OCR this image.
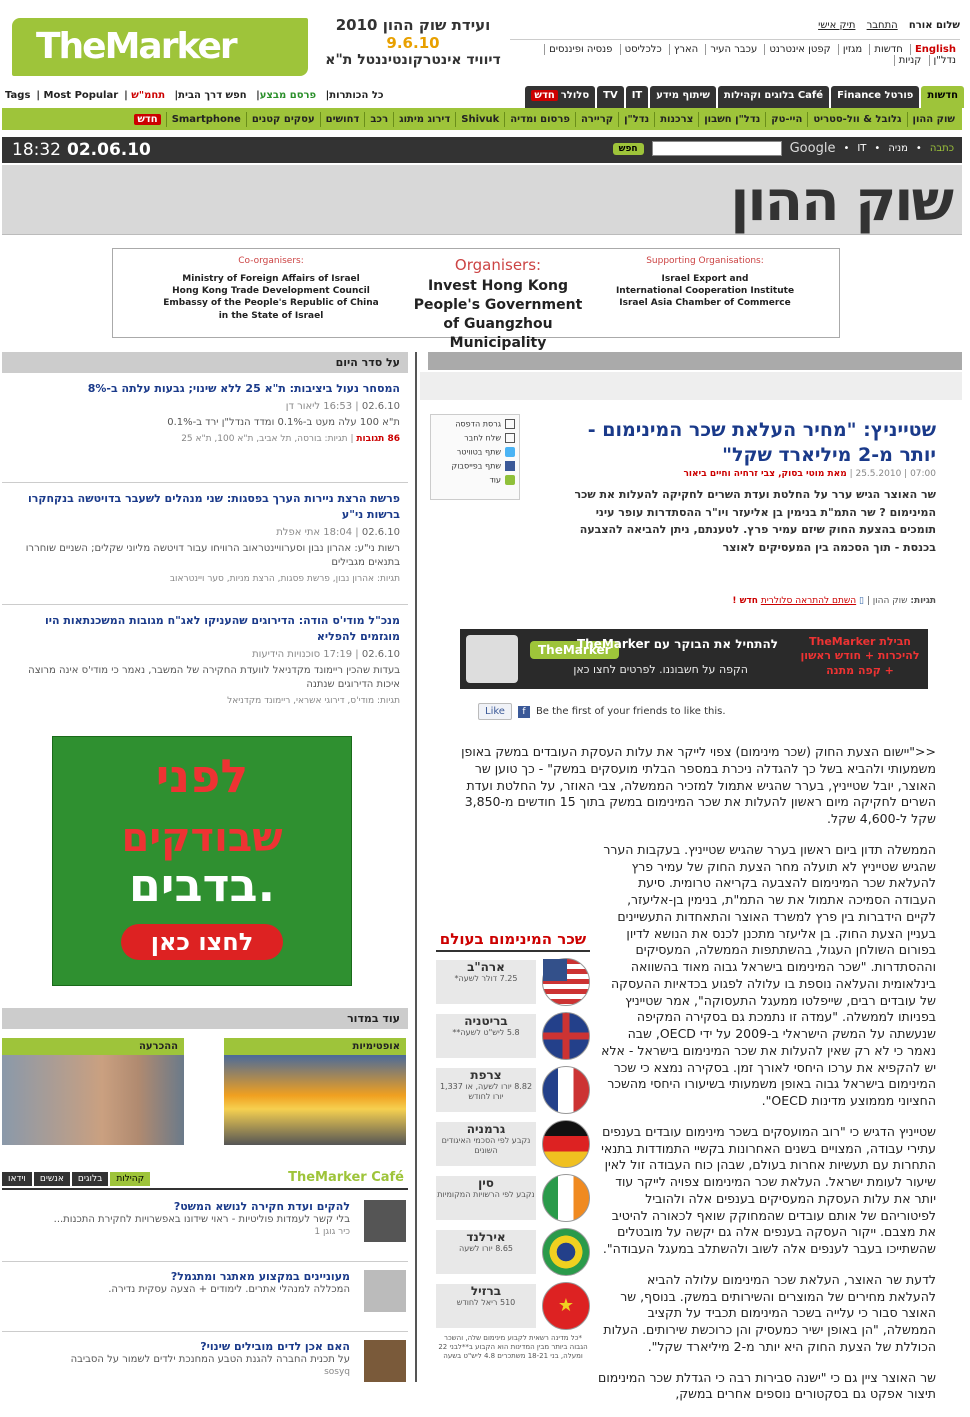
TheMarker
ועידת שוק ההון 2010
9.6.10
דיוויד אינטרקונטיננטל ת"א
שלום אורח התחבר תיק אישי
English חדשות מגזין קפטן אינטרנט עכבר העיר הארץ כלכליסט פנסיה ופיננסים נדל"ן קניות
Tags | Most Popular |	כל הכותרות| פרסם מבצע| חפש דרך הבית| תחמ"ש	חדשות
פורטל Finance
Café בלוגים וקהילות
שיתוף מידע
IT
TV
סלולרחדש
שוק ההון
גלובל & וול-סטריט
היי-טק
נדל"ן חשבון
צרכנות
נדל"ן
קריירה
פרסום ומדיה
Shivuk
דירוג מיתוג
רכב
דחושים
עסקים קטנים
Smartphone
חדש
18:32 02.06.10	כתבה
•
מניה
•
IT
•
Google
חפש
שוק ההון
Co-organisers:
Ministry of Foreign Affairs of Israel
Hong Kong Trade Development Council
Embassy of the People's Republic of China
in the State of Israel
Organisers:
Invest Hong Kong
People's Government
of Guangzhou Municipality
Supporting Organisations:
Israel Export and
International Cooperation Institute
Israel Asia Chamber of Commerce
על סדר היום
המסחר נעול ביציבות: ת"א 25 ללא שינוי; גבעות עלתה ב-8%
02.6.10 | 16:53 ליאור דן
ת"א 100 עלה מעט ב-0.1% ומדד הנדל"ן ירד ב-0.1%
86 תגובות | תגיות: בורסה, תל אביב, ת"א 100, ת"א 25
פרשת הרצת ניירות הערך בפסגות: שני מנהלים לשעבר בדויטשה בנקחקרו ברשות ני"ע
02.6.10 | 18:04 אתי אפלת
רשות ני"ע: אהרון נבון וסערוויינטראוב הרוויחו עבור דויטשה מליוני שקלים; השניים שוחררו בתנאים מגבילים
תגיות: אהרון נבון, פרשת פסגות, הרצת מניות, סער ויינטראוב
מנכ"ל מודי'ס הודה: הדירוגים שהעניקו לאג"ח מגובות המשכנתאות היו מוגזמים להפליא
02.6.10 | 17:19 סוכנויות הידיעות
בעדות שהכין ריימונד מקדניאל לוועדת החקירה של המשבר, נאמר כי מודי'ס אינה מרוצה איכות הדירוגים שנתנה
תגיות: מודי'ס, דירוגי אשראי, ריימונד מקדניאל
לפני
שבודקים
בדבים.
לחצו כאן
עוד במדור
אופטימיות
ההכרעה
TheMarker Café
וידאו	אנשים	בלוגים	קהילות
להקים ועדת חקירה לנושא המשט?
בלי קשר לעמדות פוליטיות - ראוי שידונו באפשרויות לחקירת התכנות...
כיר גוגן 1
מעוניינים במקצוע מאתגר ומתגמל?
המכללה למנהלי אתרים. לימודים + הצעה עסקית נדירה.
האם אכן לדים מובילים שינוי?
על תכנית החברה להגנת הטבע המחנכת ילדים לשמור על הסביבה
sosyq
גרסת הדפסה
שלח לחבר
שתף בטוויטר
שתף בפייסבוק
עוד
שטייניץ: "מחיר העלאת שכר המינימום - יותר מ-2 מיליארד שקל"
07:00 | 25.5.2010 | מאת מוטי בסוק, צבי זרחיה וחיים ביאור
שר האוצר הגיש ערר על החלטת ועדת השרים לחקיקה להעלות את שכר המינימום ? שר התמ"ת בנימין בן אליעזר ויו"ר ההסתדרות עופר עיני תומכים בהצעת החוק שיזם עמיר פרץ. לטענתם, ניתן להביאה להצבעה בכנסת - תוך הסכמה בין המעסיקים לאוצר
תגיות: שוק ההון | ▯ השתם להתראה סלולרית חדש !
TheMarker
להתחיל את הבוקר עם TheMarker
הקפה על חשבוננו. לפרטים לחצו כאן
חבילת TheMarker להיכרות + חודש ראשון + קפה מתנה
Like	f	Be the first of your friends to like this.

<<"יישום הצעת החוק (שכר מינימום) צפוי לייקר את עלות העסקת העובדים במשק באופן משמעותי ולהביא בשל כך להגדלה ניכרת במספר הבלתי מועסקים במשק" - כך טוען שר האוצר, יובל שטייניץ, בערר שהגיש אתמול למזכיר הממשלה, צבי האוזר, על החלטת ועדת השרים לחקיקה מיום ראשון להעלות את שכר המינימום במשק בתוך 15 חודשים מ-3,850 שקל ל-4,600 שקל.

הממשלה תדון ביום ראשון בערר שהגיש שטייניץ. בעקבות הערר שהגיש שטייניץ לא תועלה מחר הצעת החוק של עמיר פרץ להעלאת שכר המינימום להצבעה בקריאה טרומית. סיעת העבודה הסמיכה אתמול את שר התמ"ת, בנימין בן-אליעזר, לקיים הידברות בין פרץ למשרד האוצר והתאחדות התעשיינים בעניין הצעת החוק. בן אליעזר מתכנן לכנס את הנושא לדיון בפורום השולחן העגול, בהשתתפות הממשלה, המעסיקים וההסתדרות. "שכר המינימום בישראל גבוה מאוד בהשוואה בינלאומית והעלאה נוספת בו עלולה לפגוע בכדאיות ההעסקה של עובדים רבים, שייפלטו ממעגל התעסוקה", אמר שטייניץ בפניותו לממשלה. "עמדה זו נתמכת גם בסקירה המקיפה שנעשתה על המשק הישראלי ב-2009 על ידי OECD, שבה נאמר כי לא רק שאין להעלות את שכר המינימום בישראל - אלא יש להקפיא את ערכו היחסי לאורך זמן. בסקירה נמצא כי שכר המינימום בישראל גבוה באופן משמעותי בשיעורו היחסי מהשכר החציוני מממוצע מדינות OECD".

שטייניץ הדגיש כי "רוב המועסקים בשכר מינימום עובדים בענפים עתירי עבודה, המצויים בשנים האחרונות בקשיי התמודדות בתנאי התחרות עם תעשיות אחרות בעולם, שבהן כוח העבודה זול לאין שיעור לעומת ישראל. העלאת שכר המינימום צפויה לייקר עוד יותר את עלות העסקת המעסיקים בענפים אלה ולהוביל לפיטוריהם של אותם עובדים שהמחוקק שואף לכאורה להיטיב את מצבם. ייקור העסקה בענפים אלה גם יקשה על מובטלים שהשתייכו בעבר לענפים אלה לשוב ולהשתלב במעגל העבודה".

לדעת שר האוצר, העלאת שכר המינימום עלולה להביא להעלאת מחירים של המוצרים והשירותים במשק. בנוסף, שר האוצר סבור כי עלייה בשכר המינימום תכביד על תקציב הממשלה, "הן באופן ישיר כמעסיק והן כרוכשת שירותים. העלות הכוללת של הצעת החוק היא יותר מ-2 מיליארד שקל".

שר האוצר ציין גם כי "ישנה סבירות רבה כי הגדלת שכר המינימום תיצור אפקט גם בסקטורים נוספים אחרים במשק,

שכר המינימום בעולם
ארה"ב
7.25 דולר לשעה*
בריטניה
5.8 ליש"ט לשעה**
צרפת
8.82 יורו לשעה, או 1,337 יורו לחודש
גרמניה
נקבע לפי הסכמי האיגודים השונים
סין
נקבע לפי הרשויות המקומיות
אירלנד
8.65 יורו לשעה
ברזיל
510 ריאל לחודש	★
*כל מדינה רשאית לקבוע מינימום שלה, והשכר הגבוה ביותר מבין המדינות הוא הקבוע ב**לבני 22 ומעלה, בני 18-21 משתכרים 4.8 ליש"ט בשעה
